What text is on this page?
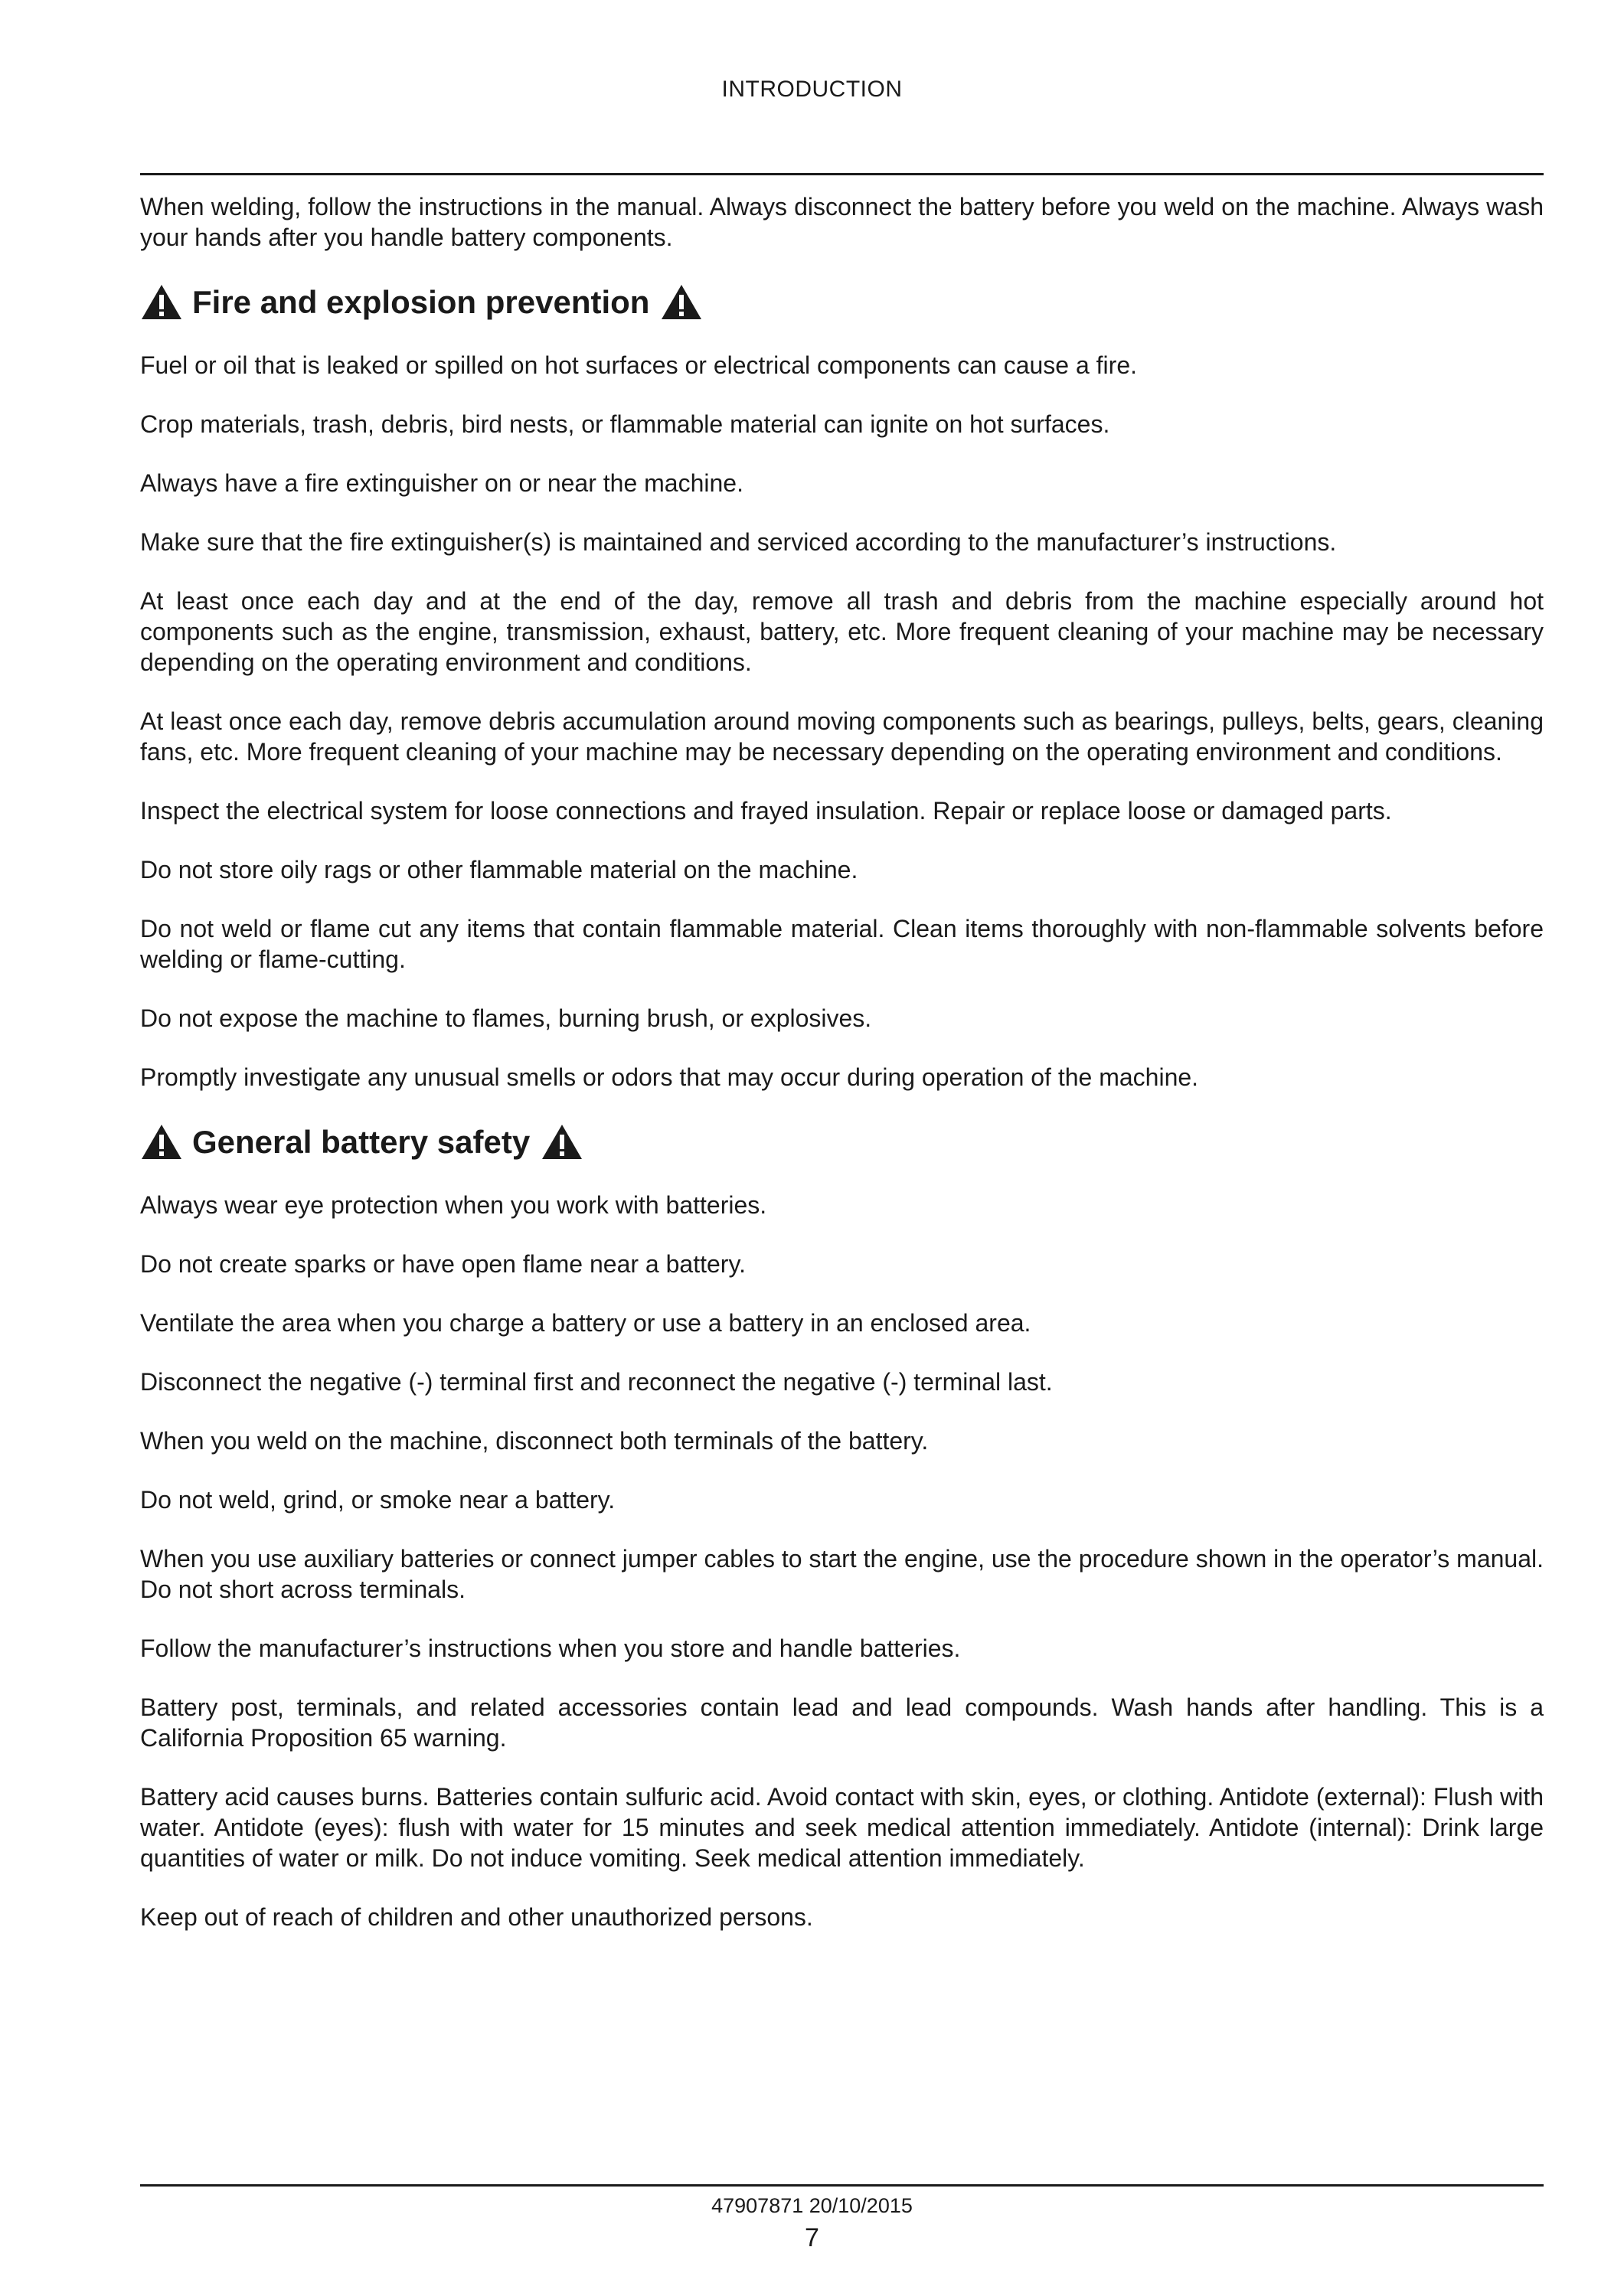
INTRODUCTION

When welding, follow the instructions in the manual. Always disconnect the battery before you weld on the machine. Always wash your hands after you handle battery components.

Fire and explosion prevention

Fuel or oil that is leaked or spilled on hot surfaces or electrical components can cause a fire.

Crop materials, trash, debris, bird nests, or flammable material can ignite on hot surfaces.

Always have a fire extinguisher on or near the machine.

Make sure that the fire extinguisher(s) is maintained and serviced according to the manufacturer’s instructions.

At least once each day and at the end of the day, remove all trash and debris from the machine especially around hot components such as the engine, transmission, exhaust, battery, etc. More frequent cleaning of your machine may be necessary depending on the operating environment and conditions.

At least once each day, remove debris accumulation around moving components such as bearings, pulleys, belts, gears, cleaning fans, etc. More frequent cleaning of your machine may be necessary depending on the operating environment and conditions.

Inspect the electrical system for loose connections and frayed insulation. Repair or replace loose or damaged parts.

Do not store oily rags or other flammable material on the machine.

Do not weld or flame cut any items that contain flammable material. Clean items thoroughly with non-flammable solvents before welding or flame-cutting.

Do not expose the machine to flames, burning brush, or explosives.

Promptly investigate any unusual smells or odors that may occur during operation of the machine.

General battery safety

Always wear eye protection when you work with batteries.

Do not create sparks or have open flame near a battery.

Ventilate the area when you charge a battery or use a battery in an enclosed area.

Disconnect the negative (-) terminal first and reconnect the negative (-) terminal last.

When you weld on the machine, disconnect both terminals of the battery.

Do not weld, grind, or smoke near a battery.

When you use auxiliary batteries or connect jumper cables to start the engine, use the procedure shown in the operator’s manual. Do not short across terminals.

Follow the manufacturer’s instructions when you store and handle batteries.

Battery post, terminals, and related accessories contain lead and lead compounds. Wash hands after handling. This is a California Proposition 65 warning.

Battery acid causes burns. Batteries contain sulfuric acid. Avoid contact with skin, eyes, or clothing. Antidote (external): Flush with water. Antidote (eyes): flush with water for 15 minutes and seek medical attention immediately. Antidote (internal): Drink large quantities of water or milk. Do not induce vomiting. Seek medical attention immediately.

Keep out of reach of children and other unauthorized persons.

47907871 20/10/2015
7
